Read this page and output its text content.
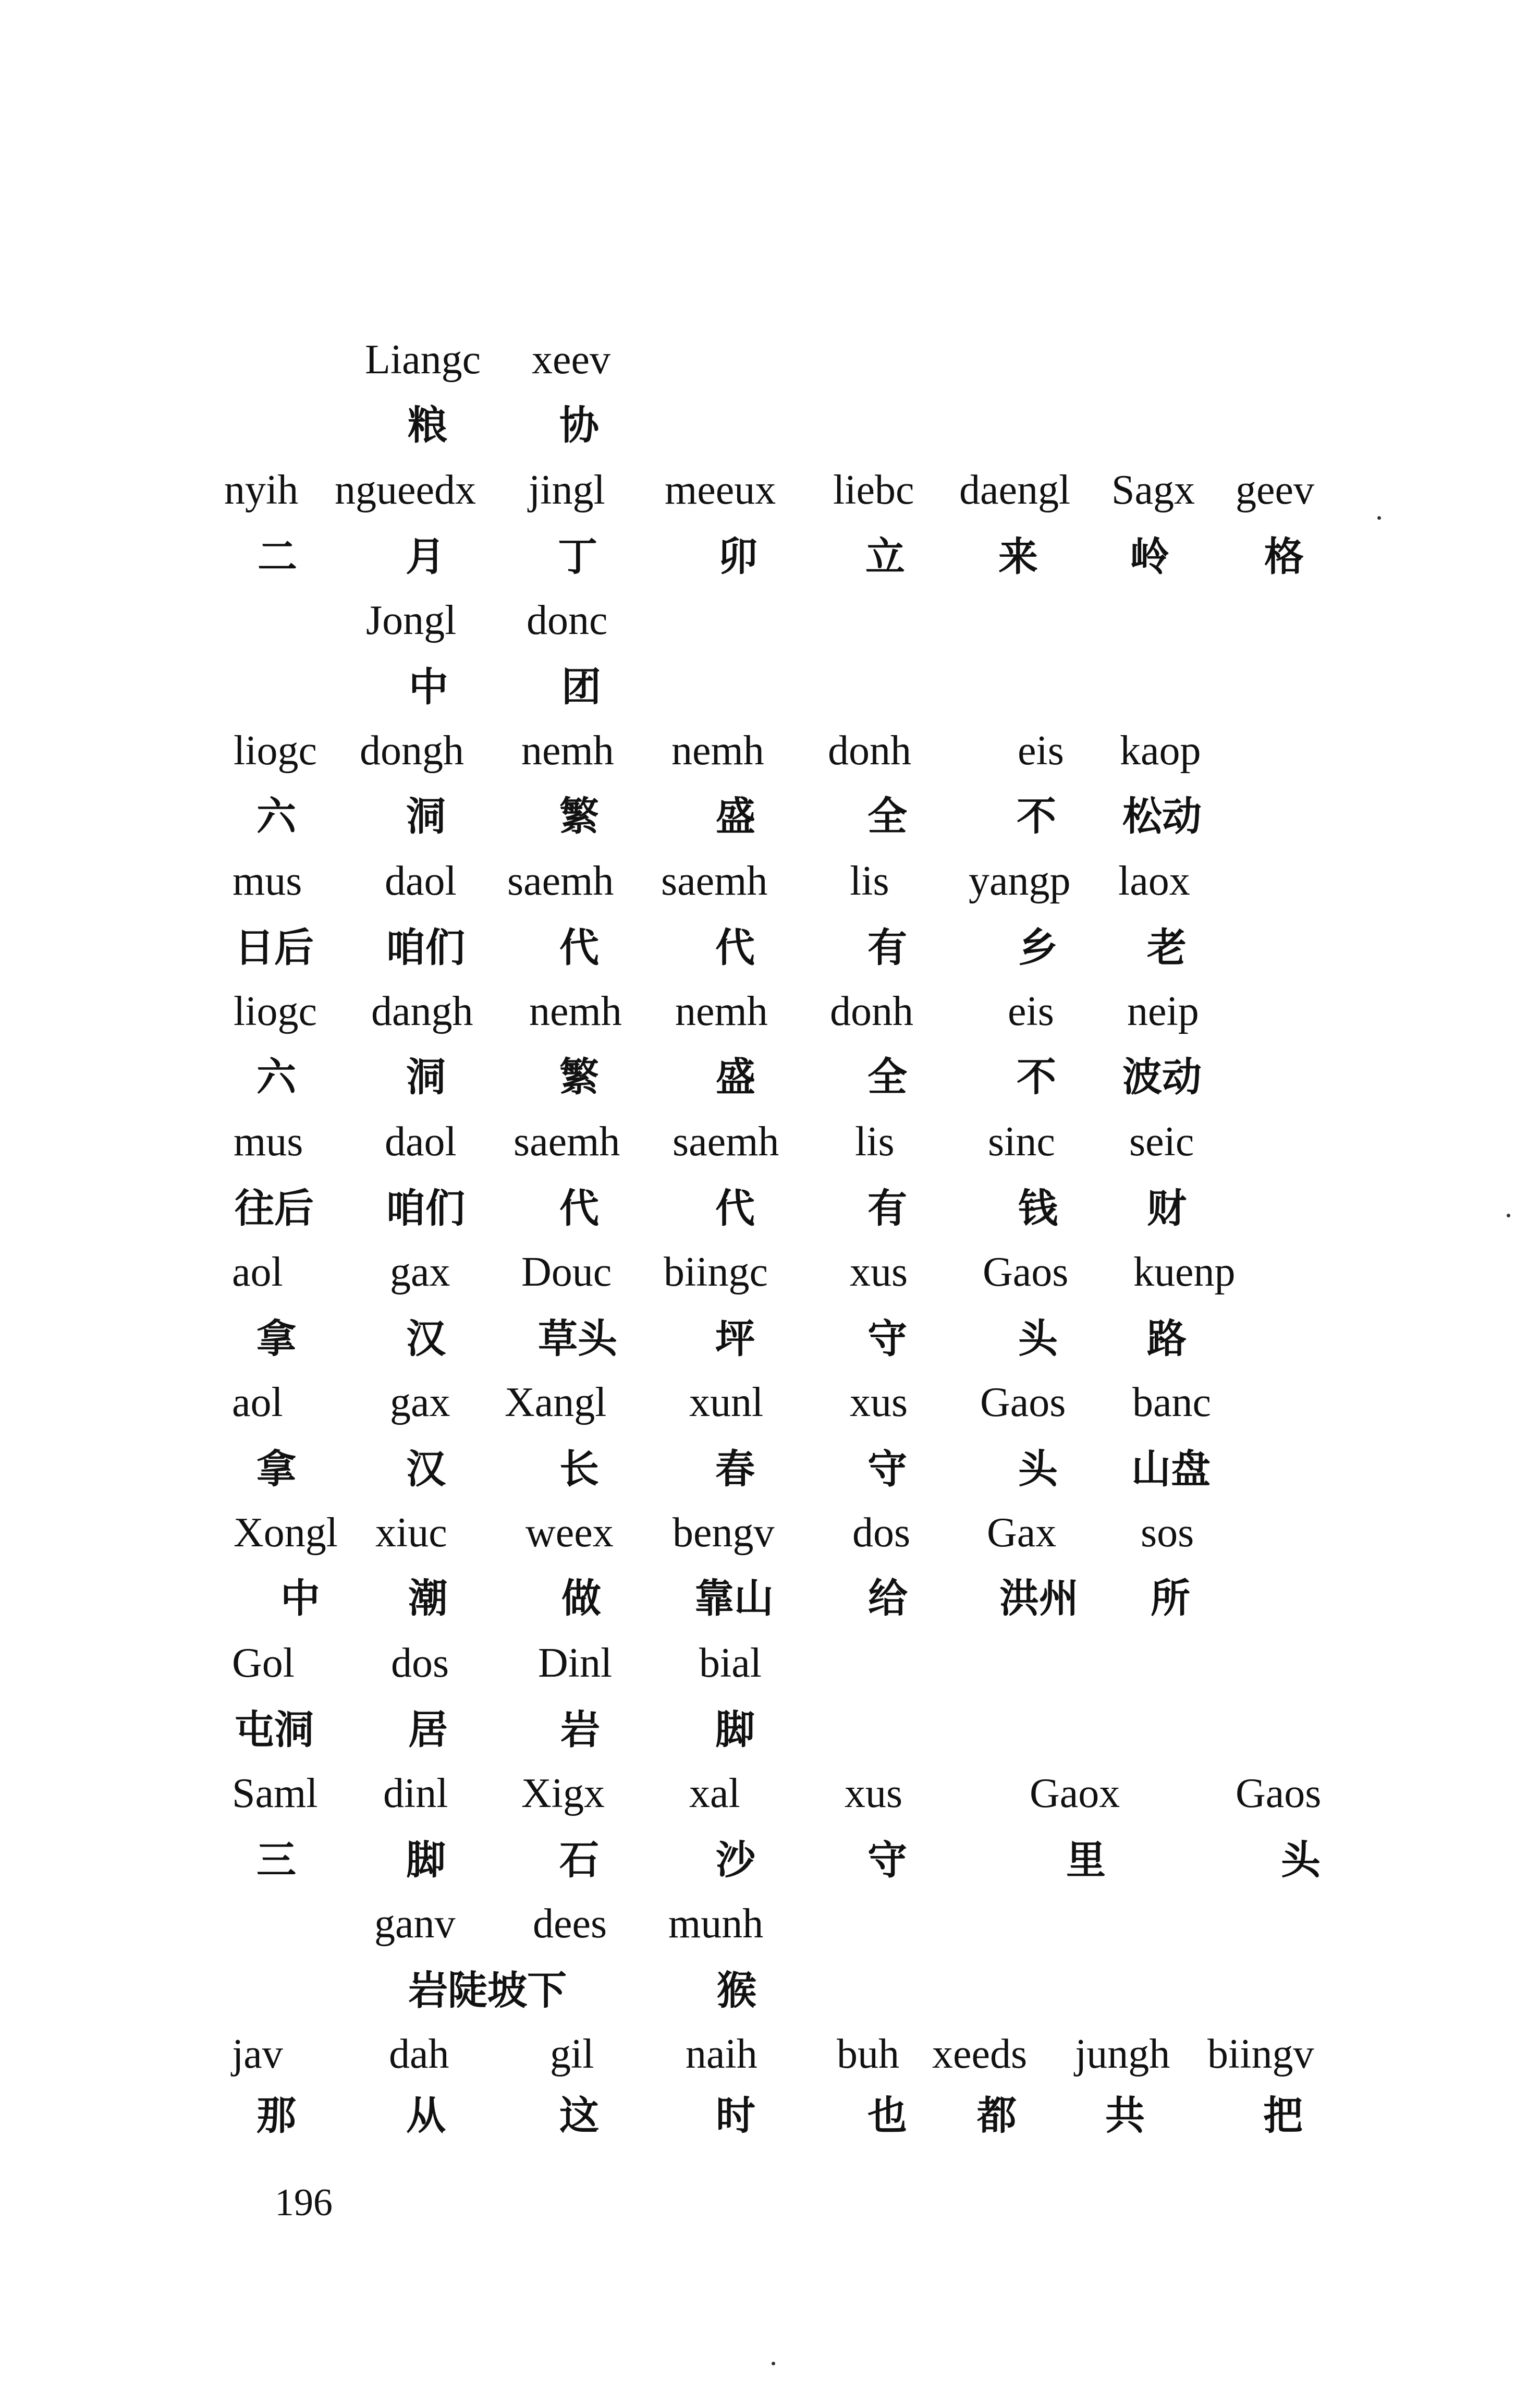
196
Liangc xeev
粮	协
nyih ngueedx jingl meeux liebc daengl Sagx geev
二	月	丁	卯	立 来 岭 格
Jongl donc
中	团
liogc dongh nemh nemh donh	eis kaop
六	洞	繁	盛	全	不 松动
mus daol saemh saemh lis yangp laox
日后 咱们 代	代	有	乡 老
liogc dangh nemh nemh donh eis neip
六	洞	繁	盛	全	不 波动
mus daol saemh saemh lis sinc seic
往后 咱们 代	代	有	钱 财
aol	gax Douc biingc xus Gaos kuenp
拿	汉 草头 坪	守	头 路
aol	gax Xangl xunl xus Gaos banc
拿	汉	长	春	守	头 山盘
Xongl xiuc weex bengv dos Gax sos
中 潮	做 靠山 给 洪州 所
Gol dos Dinl bial
屯洞 居	岩	脚
Saml dinl Xigx xal	xus	Gaox	Gaos
三	脚	石	沙	守	里	头
ganv dees munh
岩陡坡下	猴
jav	dah gil naih buh xeeds jungh biingv
那	从	这	时	也 都 共	把
